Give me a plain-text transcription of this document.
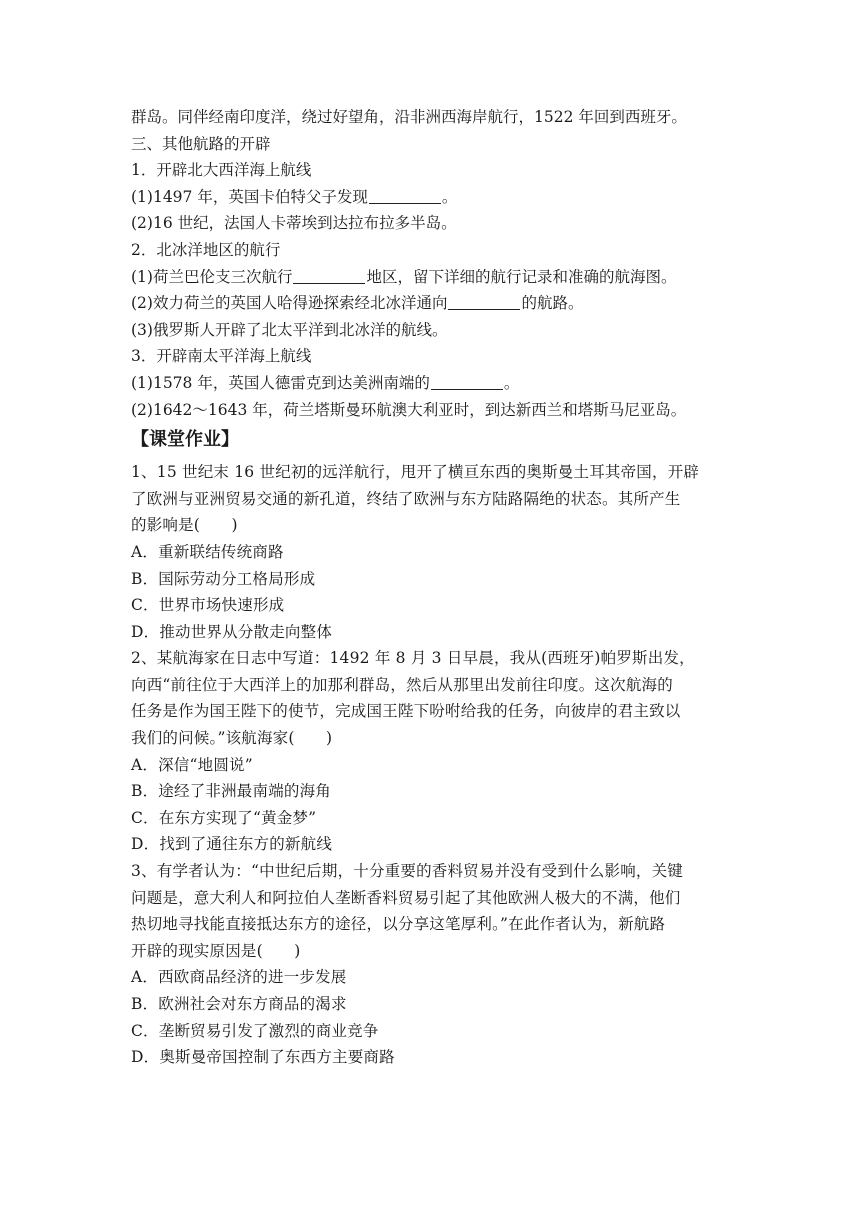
群岛。同伴经南印度洋，绕过好望角，沿非洲西海岸航行，1522 年回到西班牙。
三、其他航路的开辟
1．开辟北大西洋海上航线
(1)1497 年，英国卡伯特父子发现	。
(2)16 世纪，法国人卡蒂埃到达拉布拉多半岛。
2．北冰洋地区的航行
(1)荷兰巴伦支三次航行	地区，留下详细的航行记录和准确的航海图。
(2)效力荷兰的英国人哈得逊探索经北冰洋通向	的航路。
(3)俄罗斯人开辟了北太平洋到北冰洋的航线。
3．开辟南太平洋海上航线
(1)1578 年，英国人德雷克到达美洲南端的	。
(2)1642～1643 年，荷兰塔斯曼环航澳大利亚时，到达新西兰和塔斯马尼亚岛。
【课堂作业】
1、15 世纪末 16 世纪初的远洋航行，甩开了横亘东西的奥斯曼土耳其帝国，开辟
了欧洲与亚洲贸易交通的新孔道，终结了欧洲与东方陆路隔绝的状态。其所产生
的影响是(　　)
A．重新联结传统商路
B．国际劳动分工格局形成
C．世界市场快速形成
D．推动世界从分散走向整体
2、某航海家在日志中写道：1492 年 8 月 3 日早晨，我从(西班牙)帕罗斯出发，
向西“前往位于大西洋上的加那利群岛，然后从那里出发前往印度。这次航海的
任务是作为国王陛下的使节，完成国王陛下吩咐给我的任务，向彼岸的君主致以
我们的问候。”该航海家(　　)
A．深信“地圆说”
B．途经了非洲最南端的海角
C．在东方实现了“黄金梦”
D．找到了通往东方的新航线
3、有学者认为：“中世纪后期，十分重要的香料贸易并没有受到什么影响，关键
问题是，意大利人和阿拉伯人垄断香料贸易引起了其他欧洲人极大的不满，他们
热切地寻找能直接抵达东方的途径，以分享这笔厚利。”在此作者认为，新航路
开辟的现实原因是(　　)
A．西欧商品经济的进一步发展
B．欧洲社会对东方商品的渴求
C．垄断贸易引发了激烈的商业竞争
D．奥斯曼帝国控制了东西方主要商路
